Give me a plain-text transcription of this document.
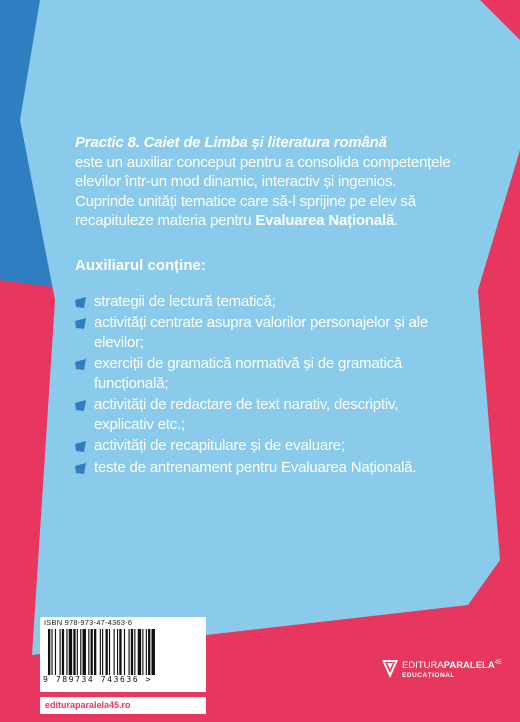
Practic 8. Caiet de Limba și literatura română
este un auxiliar conceput pentru a consolida competențele elevilor într-un mod dinamic, interactiv și ingenios. Cuprinde unități tematice care să-l sprijine pe elev să recapituleze materia pentru Evaluarea Națională.

Auxiliarul conține:
strategii de lectură tematică;
activități centrate asupra valorilor personajelor și ale elevilor;
exerciții de gramatică normativă și de gramatică funcțională;
activități de redactare de text narativ, descriptiv, explicativ etc.;
activități de recapitulare și de evaluare;
teste de antrenament pentru Evaluarea Națională.
ISBN 978-973-47-4363-6
9 789734 743636 >
editurаparalela45.ro
EDITURAPARALELA$^{45}$
EDUCAȚIONAL
